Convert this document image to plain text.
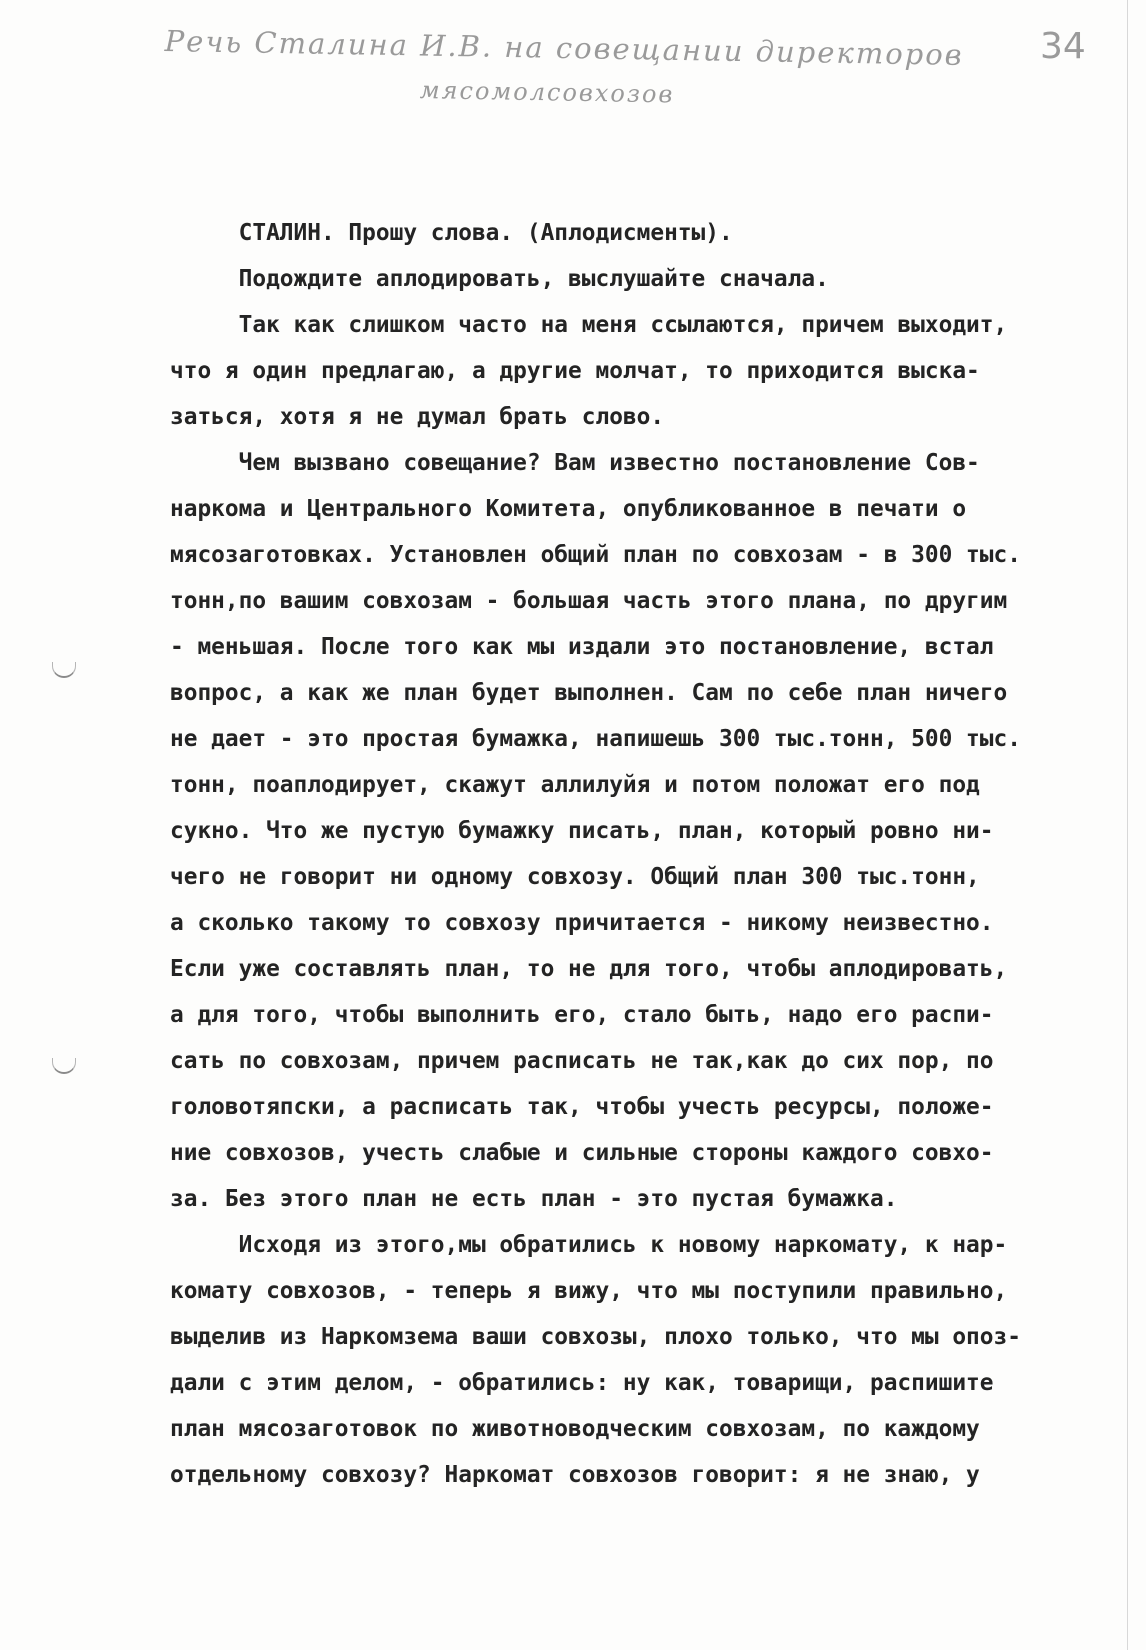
Речь Сталина И.В. на совещании директоров
мясомолсовхозов
34
СТАЛИН. Прошу слова. (Аплодисменты).
Подождите аплодировать, выслушайте сначала.
Так как слишком часто на меня ссылаются, причем выходит,
что я один предлагаю, а другие молчат, то приходится выска-
заться, хотя я не думал брать слово.
Чем вызвано совещание? Вам известно постановление Сов-
наркома и Центрального Комитета, опубликованное в печати о
мясозаготовках. Установлен общий план по совхозам - в 300 тыс.
тонн,по вашим совхозам - большая часть этого плана, по другим
- меньшая. После того как мы издали это постановление, встал
вопрос, а как же план будет выполнен. Сам по себе план ничего
не дает - это простая бумажка, напишешь 300 тыс.тонн, 500 тыс.
тонн, поаплодирует, скажут аллилуйя и потом положат его под
сукно. Что же пустую бумажку писать, план, который ровно ни-
чего не говорит ни одному совхозу. Общий план 300 тыс.тонн,
а сколько такому то совхозу причитается - никому неизвестно.
Если уже составлять план, то не для того, чтобы аплодировать,
а для того, чтобы выполнить его, стало быть, надо его распи-
сать по совхозам, причем расписать не так,как до сих пор, по
головотяпски, а расписать так, чтобы учесть ресурсы, положе-
ние совхозов, учесть слабые и сильные стороны каждого совхо-
за. Без этого план не есть план - это пустая бумажка.
Исходя из этого,мы обратились к новому наркомату, к нар-
комату совхозов, - теперь я вижу, что мы поступили правильно,
выделив из Наркомзема ваши совхозы, плохо только, что мы опоз-
дали с этим делом, - обратились: ну как, товарищи, распишите
план мясозаготовок по животноводческим совхозам, по каждому
отдельному совхозу? Наркомат совхозов говорит: я не знаю, у
